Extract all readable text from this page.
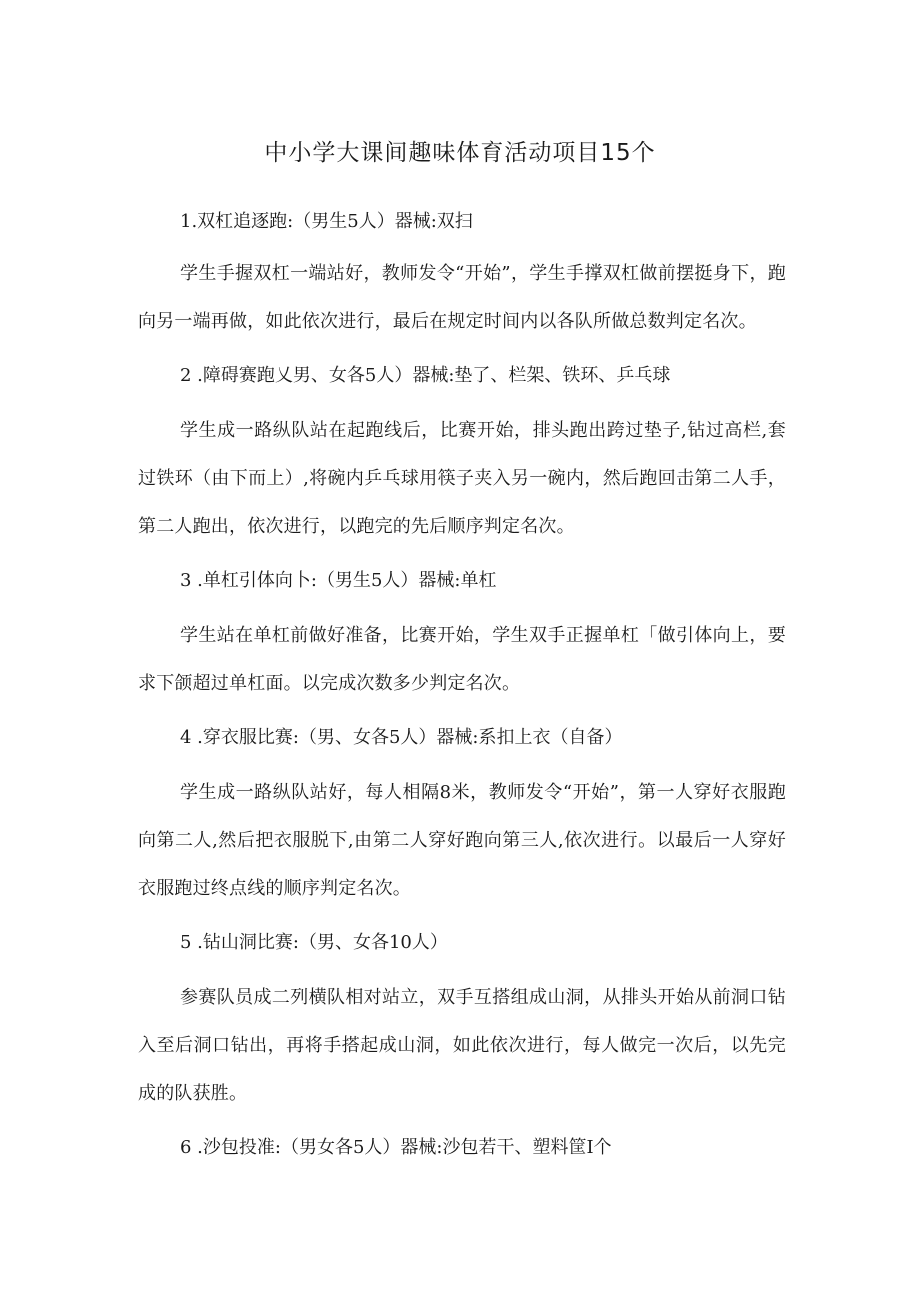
中小学大课间趣味体育活动项目15个

1.双杠追逐跑:（男生5人）器械:双扫

学生手握双杠一端站好，教师发令“开始”，学生手撑双杠做前摆挺身下，跑向另一端再做，如此依次进行，最后在规定时间内以各队所做总数判定名次。

2 .障碍赛跑乂男、女各5人）器械:垫了、栏架、铁环、乒乓球

学生成一路纵队站在起跑线后，比赛开始，排头跑出跨过垫子,钻过高栏,套过铁环（由下而上）,将碗内乒乓球用筷子夹入另一碗内，然后跑回击第二人手，第二人跑出，依次进行，以跑完的先后顺序判定名次。

3 .单杠引体向卜:（男生5人）器械:单杠

学生站在单杠前做好准备，比赛开始，学生双手正握单杠「做引体向上，要求下颌超过单杠面。以完成次数多少判定名次。

4 .穿衣服比赛:（男、女各5人）器械:系扣上衣（自备）

学生成一路纵队站好，每人相隔8米，教师发令“开始”，第一人穿好衣服跑向第二人,然后把衣服脱下,由第二人穿好跑向第三人,依次进行。以最后一人穿好衣服跑过终点线的顺序判定名次。

5 .钻山洞比赛:（男、女各10人）

参赛队员成二列横队相对站立，双手互搭组成山洞，从排头开始从前洞口钻入至后洞口钻出，再将手搭起成山洞，如此依次进行，每人做完一次后，以先完成的队获胜。

6 .沙包投准:（男女各5人）器械:沙包若干、塑料筐I个
